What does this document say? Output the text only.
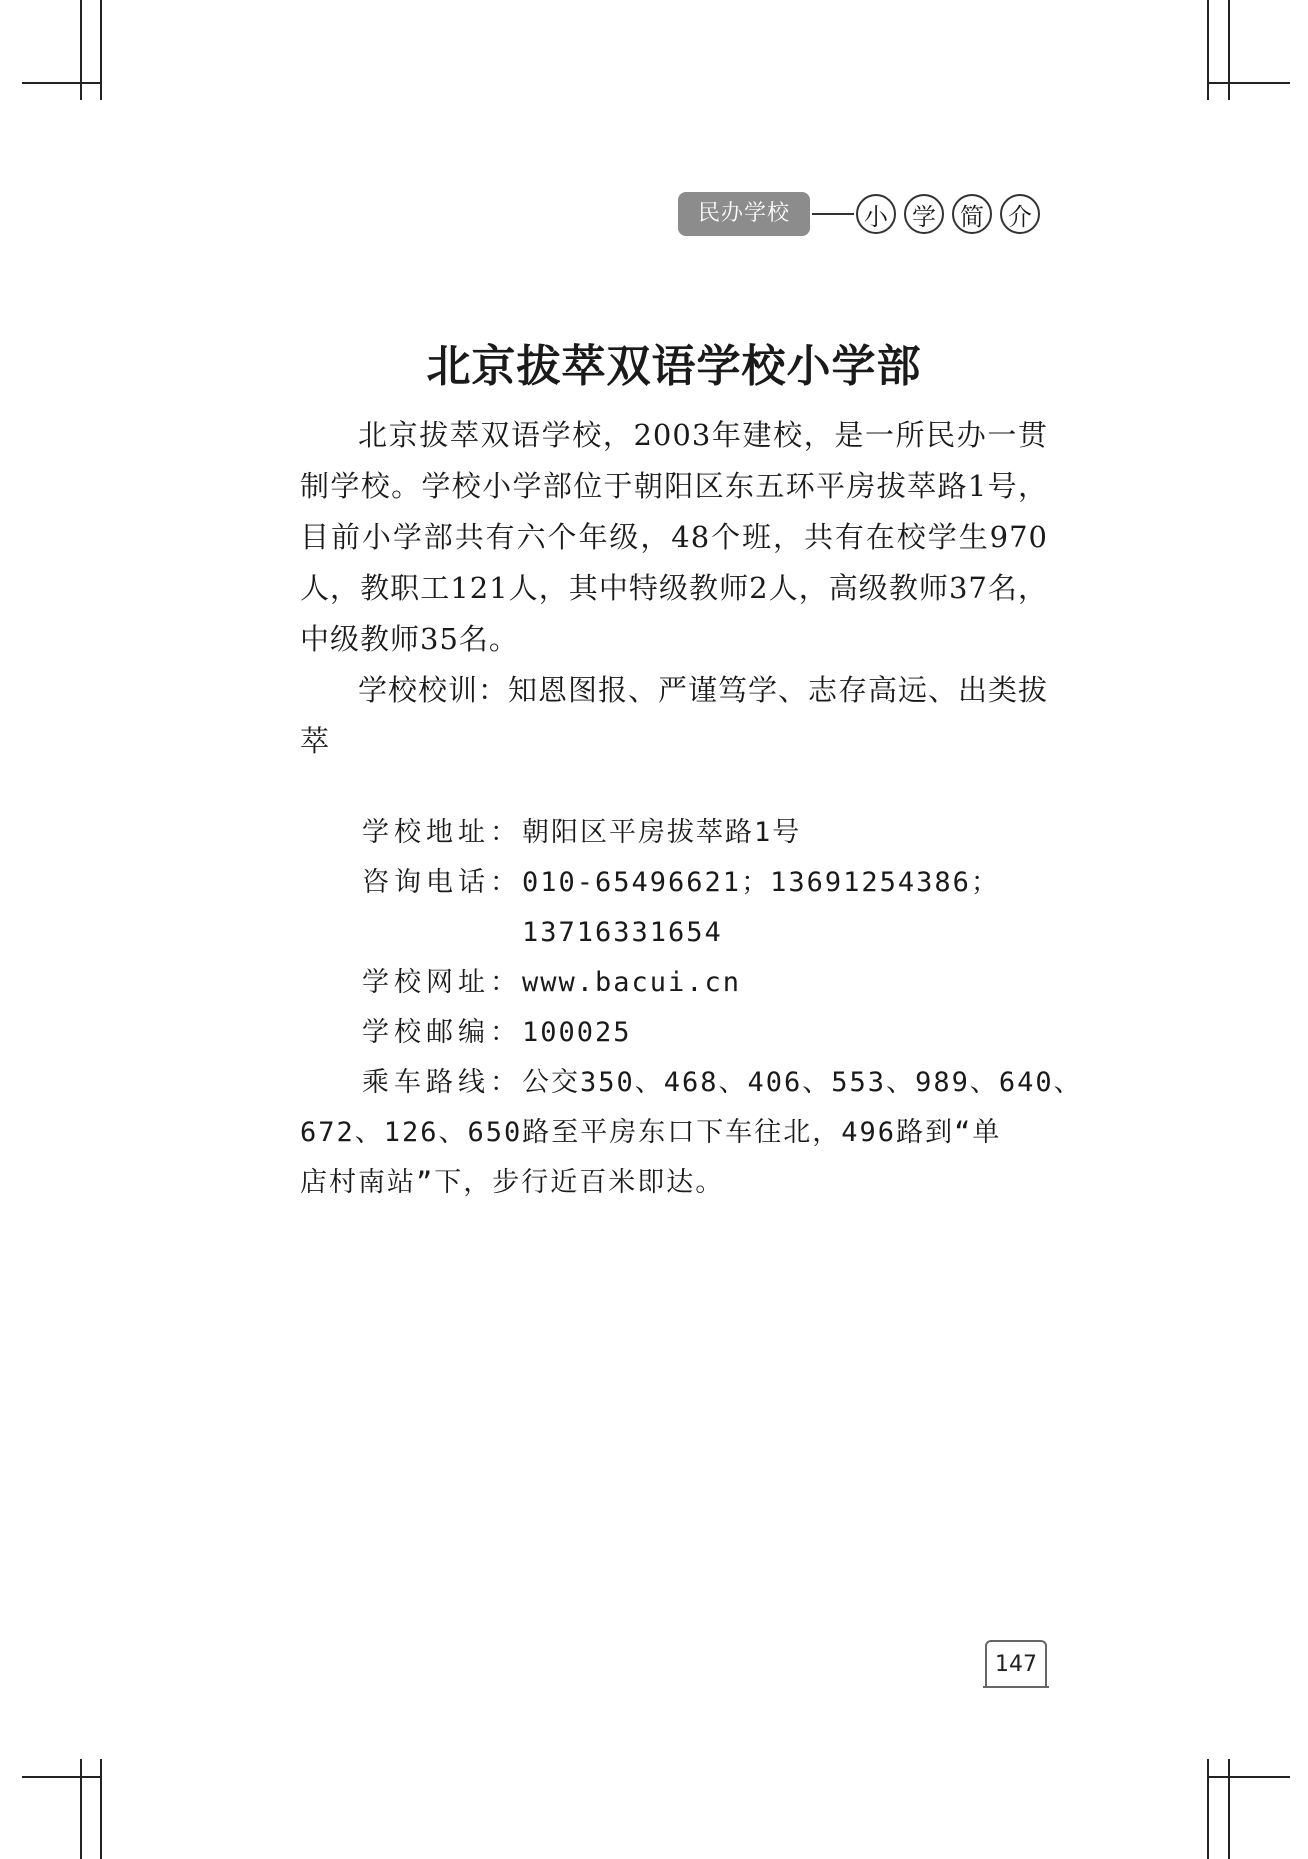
民办学校	小	学	简	介
北京拔萃双语学校小学部

北京拔萃双语学校，2003年建校，是一所民办一贯制学校。学校小学部位于朝阳区东五环平房拔萃路1号，目前小学部共有六个年级，48个班，共有在校学生970人，教职工121人，其中特级教师2人，高级教师37名，中级教师35名。

学校校训：知恩图报、严谨笃学、志存高远、出类拔萃

学校地址： 朝阳区平房拔萃路1号
咨询电话： 010-65496621；13691254386；
13716331654
学校网址： www.bacui.cn
学校邮编： 100025
乘车路线： 公交350、468、406、553、989、640、
672、126、650路至平房东口下车往北，496路到“单
店村南站”下，步行近百米即达。
147
